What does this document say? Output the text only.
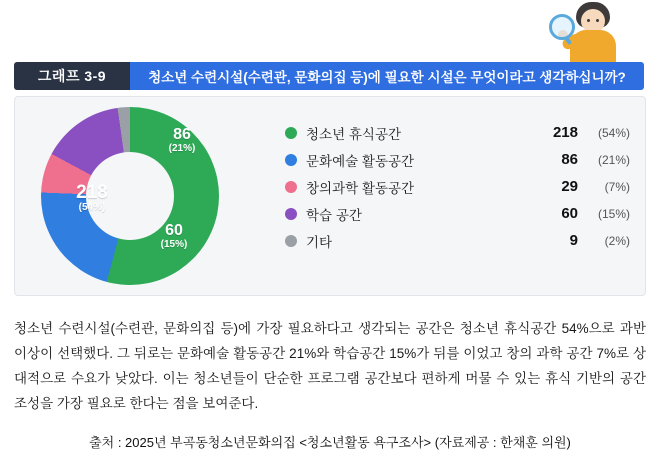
그래프 3-9	청소년 수련시설(수련관, 문화의집 등)에 필요한 시설은 무엇이라고 생각하십니까?
218
(54%)
86
(21%)
60
(15%)
청소년 휴식공간	218	(54%)
문화예술 활동공간	86	(21%)
창의과학 활동공간	29	(7%)
학습 공간	60	(15%)
기타	9	(2%)
청소년 수련시설(수련관, 문화의집 등)에 가장 필요하다고 생각되는 공간은 청소년 휴식공간 54%으로 과반 이상이 선택했다. 그 뒤로는 문화예술 활동공간 21%와 학습공간 15%가 뒤를 이었고 창의 과학 공간 7%로 상대적으로 수요가 낮았다. 이는 청소년들이 단순한 프로그램 공간보다 편하게 머물 수 있는 휴식 기반의 공간 조성을 가장 필요로 한다는 점을 보여준다.
출처 : 2025년 부곡동청소년문화의집 <청소년활동 욕구조사> (자료제공 : 한채훈 의원)
